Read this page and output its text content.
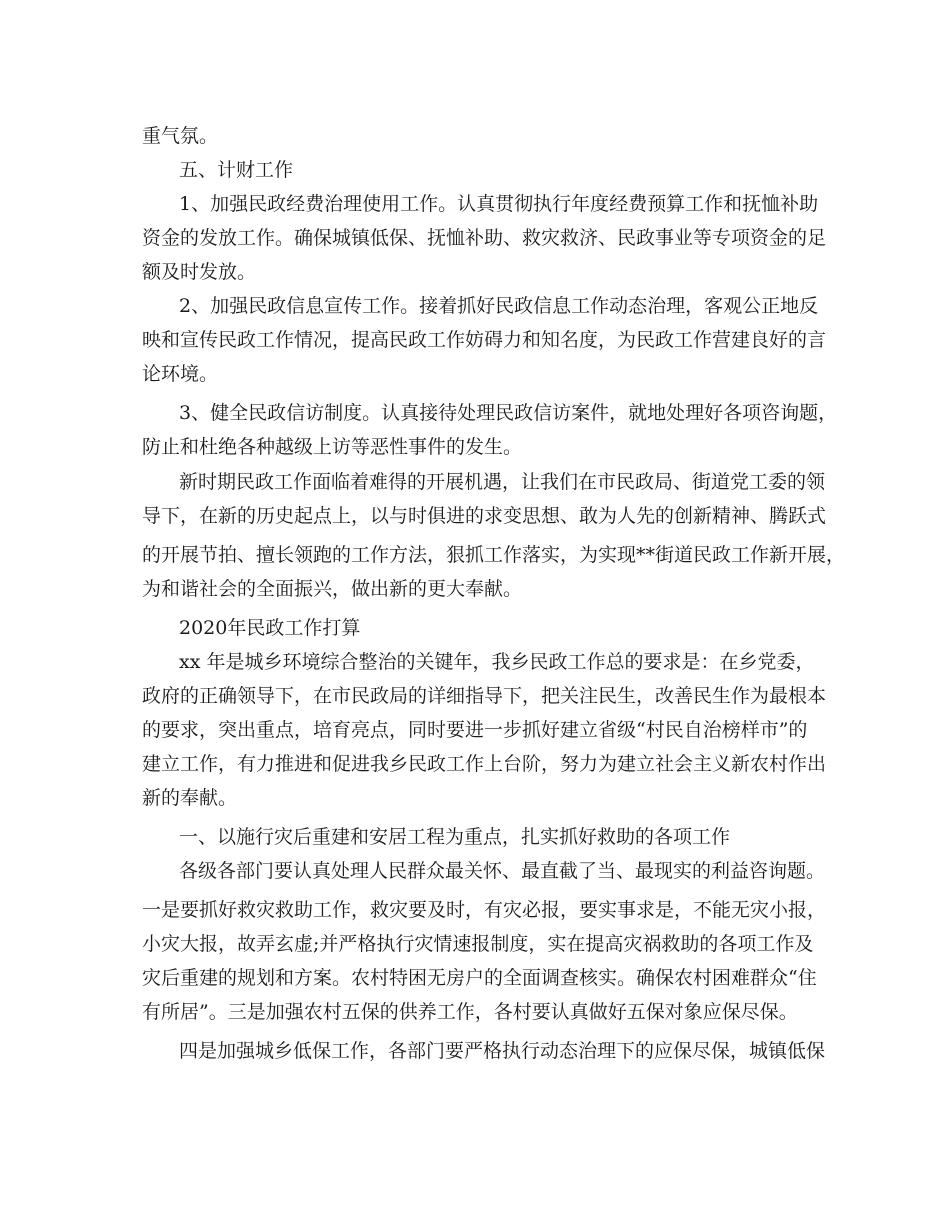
重气氛。
五、计财工作
1、加强民政经费治理使用工作。认真贯彻执行年度经费预算工作和抚恤补助
资金的发放工作。确保城镇低保、抚恤补助、救灾救济、民政事业等专项资金的足
额及时发放。
2、加强民政信息宣传工作。接着抓好民政信息工作动态治理，客观公正地反
映和宣传民政工作情况，提高民政工作妨碍力和知名度，为民政工作营建良好的言
论环境。
3、健全民政信访制度。认真接待处理民政信访案件，就地处理好各项咨询题，
防止和杜绝各种越级上访等恶性事件的发生。
新时期民政工作面临着难得的开展机遇，让我们在市民政局、街道党工委的领
导下，在新的历史起点上，以与时俱进的求变思想、敢为人先的创新精神、腾跃式
的开展节拍、擅长领跑的工作方法，狠抓工作落实，为实现**街道民政工作新开展，
为和谐社会的全面振兴，做出新的更大奉献。
2020年民政工作打算
xx 年是城乡环境综合整治的关键年，我乡民政工作总的要求是：在乡党委，
政府的正确领导下，在市民政局的详细指导下，把关注民生，改善民生作为最根本
的要求，突出重点，培育亮点，同时要进一步抓好建立省级“村民自治榜样市”的
建立工作，有力推进和促进我乡民政工作上台阶，努力为建立社会主义新农村作出
新的奉献。
一、以施行灾后重建和安居工程为重点，扎实抓好救助的各项工作
各级各部门要认真处理人民群众最关怀、最直截了当、最现实的利益咨询题。
一是要抓好救灾救助工作，救灾要及时，有灾必报，要实事求是，不能无灾小报，
小灾大报，故弄玄虚;并严格执行灾情速报制度，实在提高灾祸救助的各项工作及
灾后重建的规划和方案。农村特困无房户的全面调查核实。确保农村困难群众“住
有所居”。三是加强农村五保的供养工作，各村要认真做好五保对象应保尽保。
四是加强城乡低保工作，各部门要严格执行动态治理下的应保尽保，城镇低保
